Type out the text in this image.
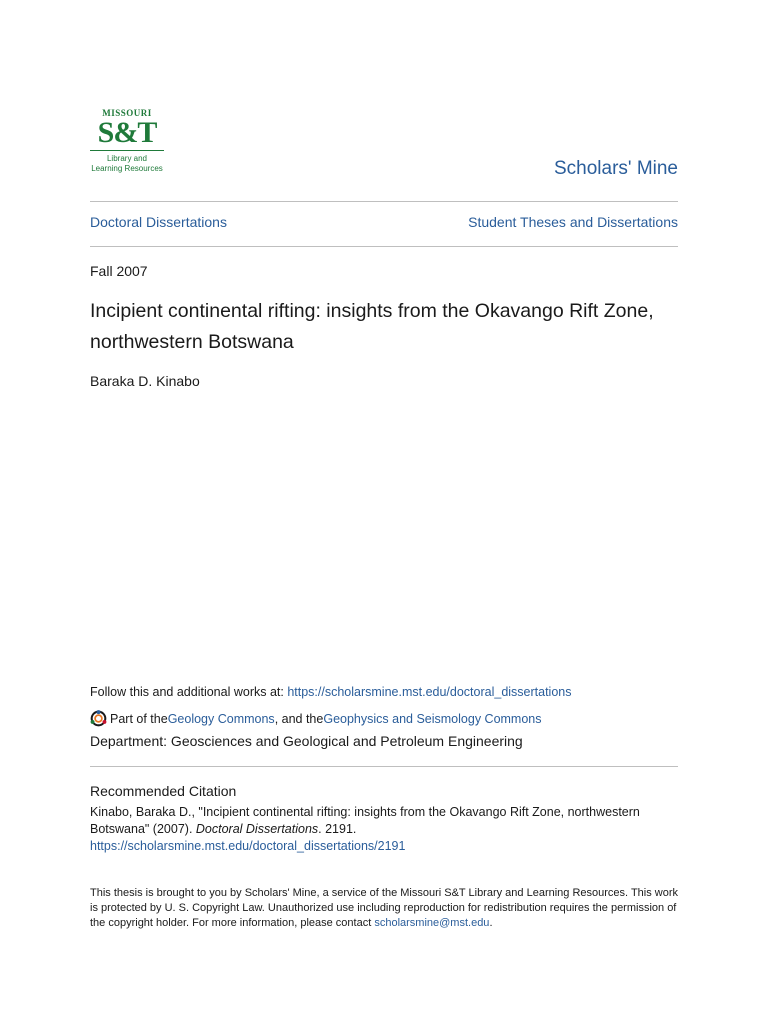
MISSOURI
S&T
Library and
Learning Resources	Scholars' Mine
Doctoral Dissertations	Student Theses and Dissertations
Fall 2007
Incipient continental rifting: insights from the Okavango Rift Zone, northwestern Botswana
Baraka D. Kinabo
Follow this and additional works at: https://scholarsmine.mst.edu/doctoral_dissertations
Part of the Geology Commons , and the Geophysics and Seismology Commons
Department: Geosciences and Geological and Petroleum Engineering
Recommended Citation
Kinabo, Baraka D., "Incipient continental rifting: insights from the Okavango Rift Zone, northwestern Botswana" (2007). Doctoral Dissertations. 2191.
https://scholarsmine.mst.edu/doctoral_dissertations/2191
This thesis is brought to you by Scholars' Mine, a service of the Missouri S&T Library and Learning Resources. This work is protected by U. S. Copyright Law. Unauthorized use including reproduction for redistribution requires the permission of the copyright holder. For more information, please contact scholarsmine@mst.edu.
